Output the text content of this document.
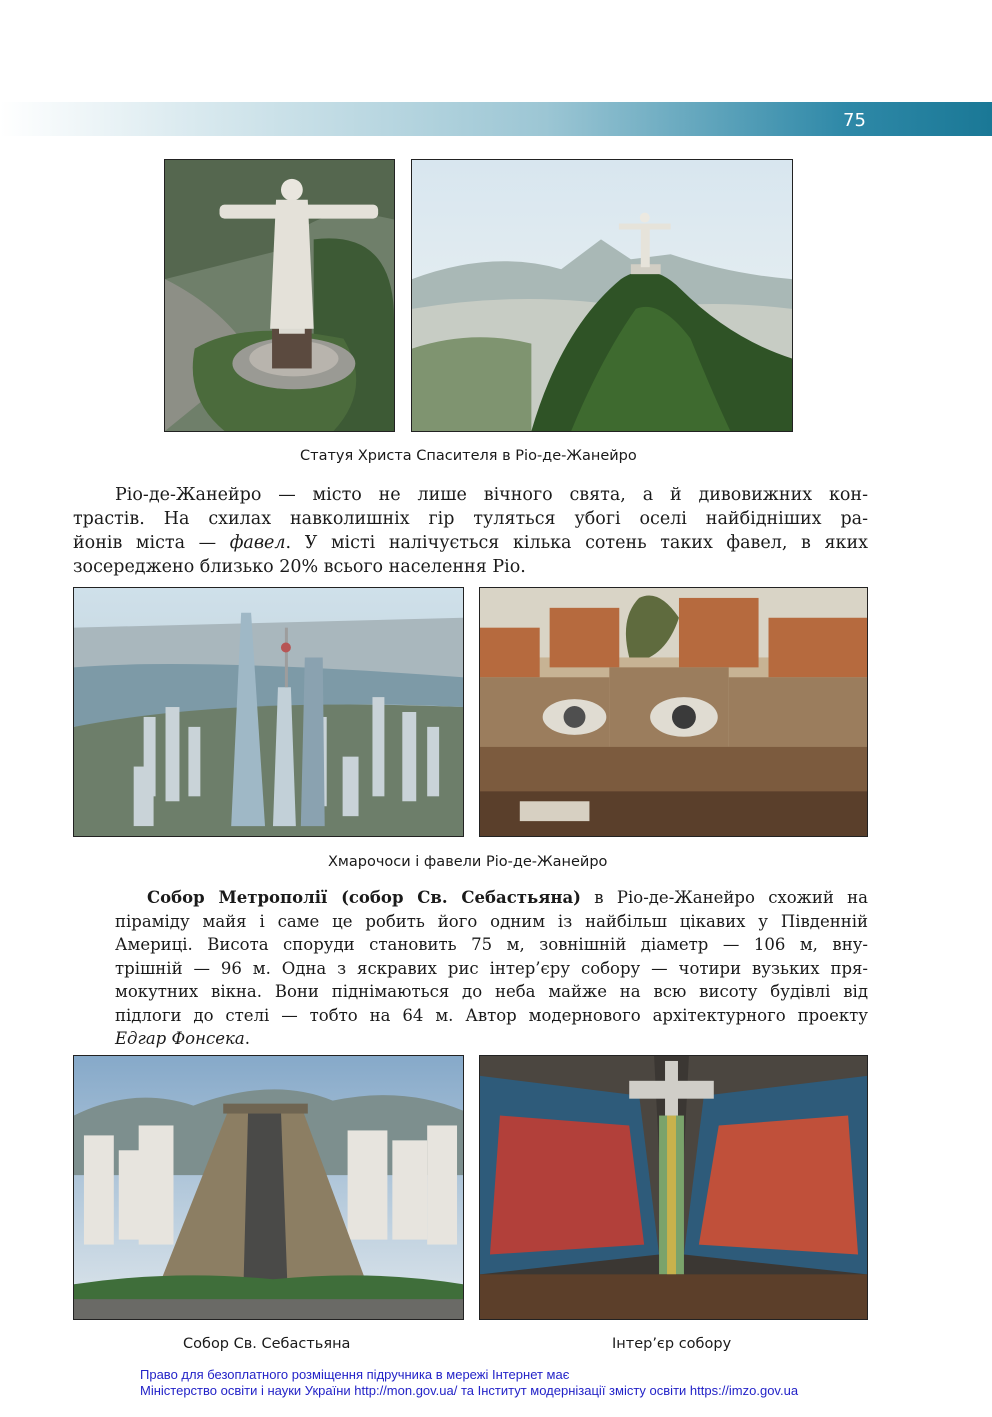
75
Статуя Христа Спасителя в Ріо-де-Жанейро
Ріо-де-Жанейро — місто не лише вічного свята, а й дивовижних кон-
трастів. На схилах навколишніх гір туляться убогі оселі найбідніших ра-
йонів міста — фавел. У місті налічується кілька сотень таких фавел, в яких
зосереджено близько 20% всього населення Ріо.
Хмарочоси і фавели Ріо-де-Жанейро
Собор Метрополії (собор Св. Себастьяна) в Ріо-де-Жанейро схожий на
піраміду майя і саме це робить його одним із найбільш цікавих у Південній
Америці. Висота споруди становить 75 м, зовнішній діаметр — 106 м, вну-
трішній — 96 м. Одна з яскравих рис інтер’єру собору — чотири вузьких пря-
мокутних вікна. Вони піднімаються до неба майже на всю висоту будівлі від
підлоги до стелі — тобто на 64 м. Автор модернового архітектурного проекту
Едгар Фонсека.
Собор Св. Себастьяна	Інтер’єр собору
Право для безоплатного розміщення підручника в мережі Інтернет має
Міністерство освіти і науки України http://mon.gov.ua/ та Інститут модернізації змісту освіти https://imzo.gov.ua
